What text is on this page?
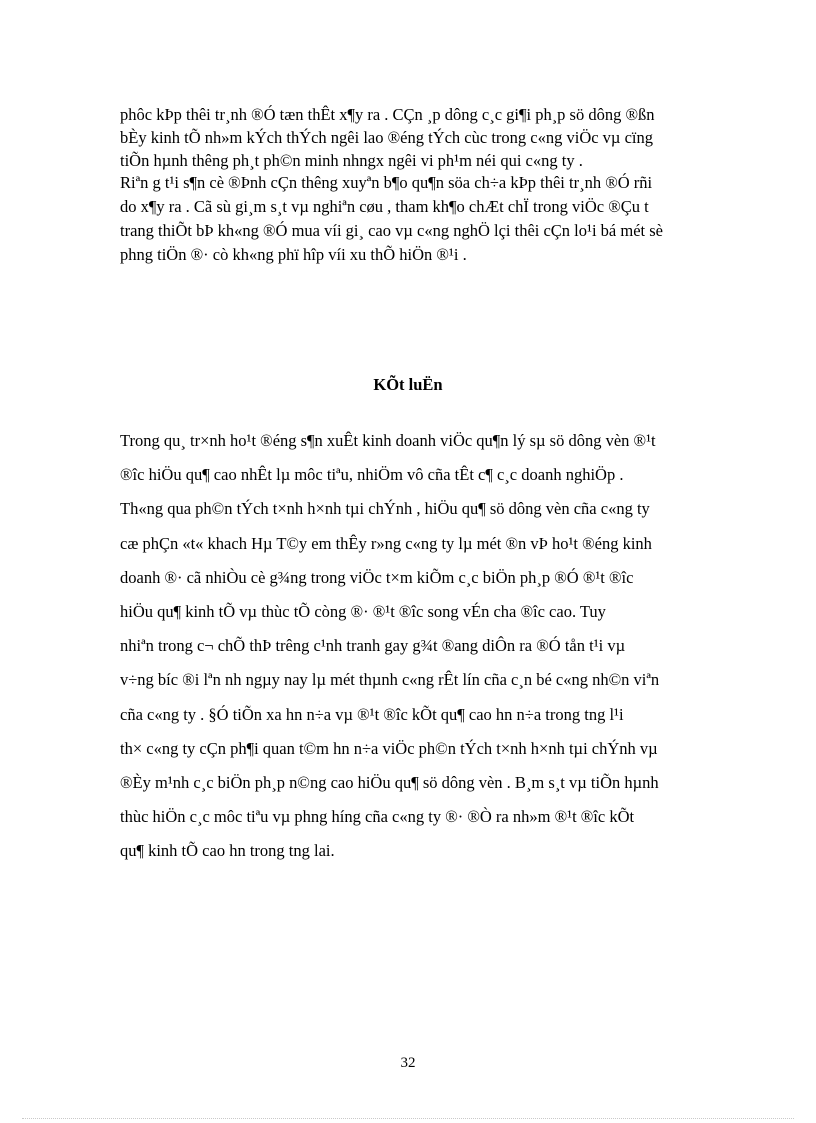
phôc kÞp thêi tr¸nh ®Ó tæn thÊt x¶y ra . CÇn ¸p dông c¸c gi¶i ph¸p sö dông ®ßn
bÈy kinh tÕ nh»m kÝch thÝch ngêi lao ®éng tÝch cùc trong c«ng viÖc vµ cïng
tiÕn hµnh thêng ph¸t ph©n minh nhngx ngêi vi ph¹m néi qui c«ng ty .
Riªn g t¹i s¶n cè ®Þnh cÇn thêng xuyªn b¶o qu¶n söa ch÷a kÞp thêi tr¸nh ®Ó rñi
do x¶y ra . Cã sù gi¸m s¸t vµ nghiªn cøu , tham kh¶o chÆt chÏ trong viÖc ®Çu t
trang thiÕt bÞ kh«ng ®Ó mua víi gi¸ cao vµ c«ng nghÖ lçi thêi cÇn lo¹i bá mét sè
phng tiÖn ®· cò kh«ng phï hîp víi xu thÕ hiÖn ®¹i .
KÕt luËn
Trong qu¸ tr×nh ho¹t ®éng s¶n xuÊt kinh doanh viÖc qu¶n lý sµ sö dông vèn ®¹t
®îc hiÖu qu¶ cao nhÊt lµ môc tiªu, nhiÖm vô cña tÊt c¶ c¸c doanh nghiÖp .
Th«ng qua ph©n tÝch t×nh h×nh tµi chÝnh , hiÖu qu¶ sö dông vèn cña c«ng ty
cæ phÇn «t« khach Hµ T©y em thÊy r»ng c«ng ty lµ mét ®n vÞ ho¹t ®éng kinh
doanh ®· cã nhiÒu cè g¾ng trong viÖc t×m kiÕm c¸c biÖn ph¸p ®Ó ®¹t ®îc
hiÖu qu¶ kinh tÕ vµ thùc tÕ còng ®· ®¹t ®îc song vÉn cha ®îc cao. Tuy
nhiªn trong c¬ chÕ thÞ trêng c¹nh tranh gay g¾t ®ang diÔn ra ®Ó tån t¹i vµ
v÷ng bíc ®i lªn nh ngµy nay lµ mét thµnh c«ng rÊt lín cña c¸n bé c«ng nh©n viªn
cña c«ng ty . §Ó tiÕn xa hn n÷a vµ ®¹t ®îc kÕt qu¶ cao hn n÷a trong tng l¹i
th× c«ng ty cÇn ph¶i quan t©m hn n÷a viÖc ph©n tÝch t×nh h×nh tµi chÝnh vµ
®Èy m¹nh c¸c biÖn ph¸p n©ng cao hiÖu qu¶ sö dông vèn . B¸m s¸t vµ tiÕn hµnh
thùc hiÖn c¸c môc tiªu vµ phng híng cña c«ng ty ®· ®Ò ra nh»m ®¹t ®îc kÕt
qu¶ kinh tÕ cao hn trong tng lai.
32
